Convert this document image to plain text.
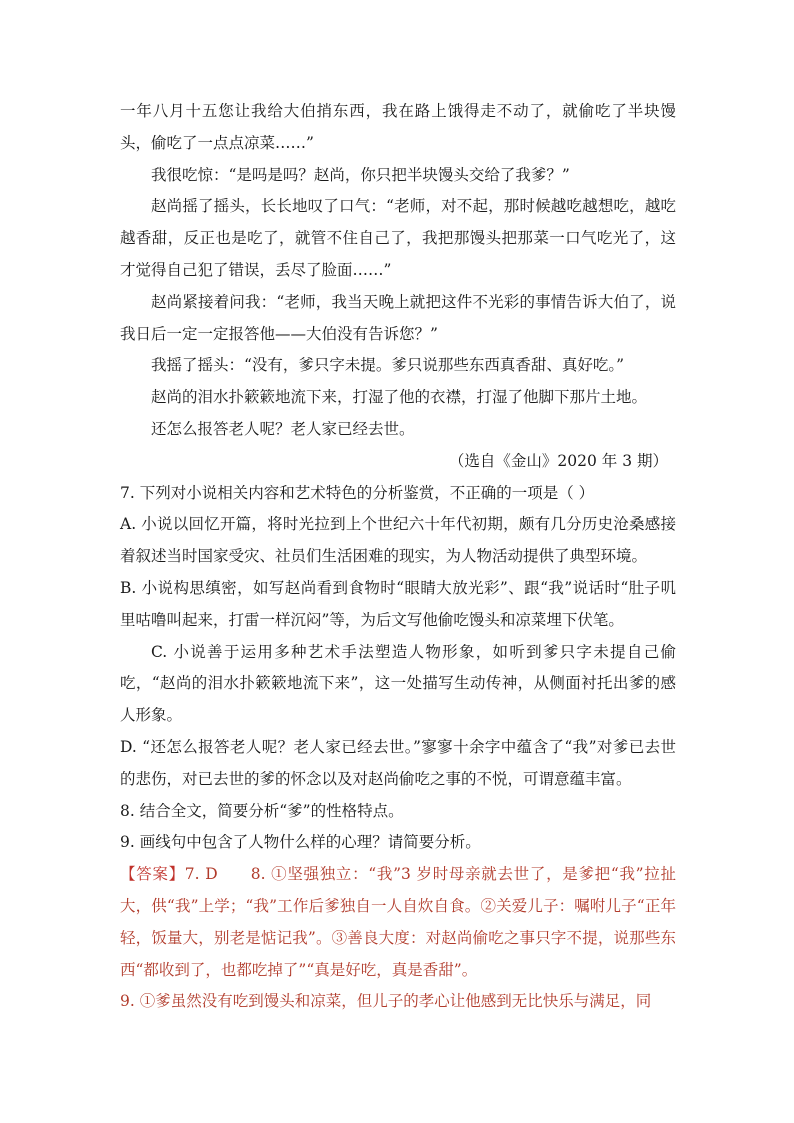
一年八月十五您让我给大伯捎东西，我在路上饿得走不动了，就偷吃了半块馒头，偷吃了一点点凉菜……”

我很吃惊：“是吗是吗？赵尚，你只把半块馒头交给了我爹？”

赵尚摇了摇头，长长地叹了口气：“老师，对不起，那时候越吃越想吃，越吃越香甜，反正也是吃了，就管不住自己了，我把那馒头把那菜一口气吃光了，这才觉得自己犯了错误，丢尽了脸面……”

赵尚紧接着问我：“老师，我当天晚上就把这件不光彩的事情告诉大伯了，说我日后一定一定报答他——大伯没有告诉您？”

我摇了摇头：“没有，爹只字未提。爹只说那些东西真香甜、真好吃。”

赵尚的泪水扑簌簌地流下来，打湿了他的衣襟，打湿了他脚下那片土地。

还怎么报答老人呢？老人家已经去世。

（选自《金山》2020 年 3 期）

7. 下列对小说相关内容和艺术特色的分析鉴赏，不正确的一项是（ ）

A. 小说以回忆开篇，将时光拉到上个世纪六十年代初期，颇有几分历史沧桑感接着叙述当时国家受灾、社员们生活困难的现实，为人物活动提供了典型环境。

B. 小说构思缜密，如写赵尚看到食物时“眼睛大放光彩”、跟“我”说话时“肚子叽里咕噜叫起来，打雷一样沉闷”等，为后文写他偷吃馒头和凉菜埋下伏笔。

C. 小说善于运用多种艺术手法塑造人物形象，如听到爹只字未提自己偷吃，“赵尚的泪水扑簌簌地流下来”，这一处描写生动传神，从侧面衬托出爹的感人形象。

D. “还怎么报答老人呢？老人家已经去世。”寥寥十余字中蕴含了“我”对爹已去世的悲伤，对已去世的爹的怀念以及对赵尚偷吃之事的不悦，可谓意蕴丰富。

8. 结合全文，简要分析“爹”的性格特点。

9. 画线句中包含了人物什么样的心理？请简要分析。

【答案】7. D　　 8. ①坚强独立：“我”3 岁时母亲就去世了，是爹把“我”拉扯大，供“我”上学；“我”工作后爹独自一人自炊自食。②关爱儿子：嘱咐儿子“正年轻，饭量大，别老是惦记我”。③善良大度：对赵尚偷吃之事只字不提，说那些东西“都收到了，也都吃掉了”“真是好吃，真是香甜”。

9. ①爹虽然没有吃到馒头和凉菜，但儿子的孝心让他感到无比快乐与满足，同
